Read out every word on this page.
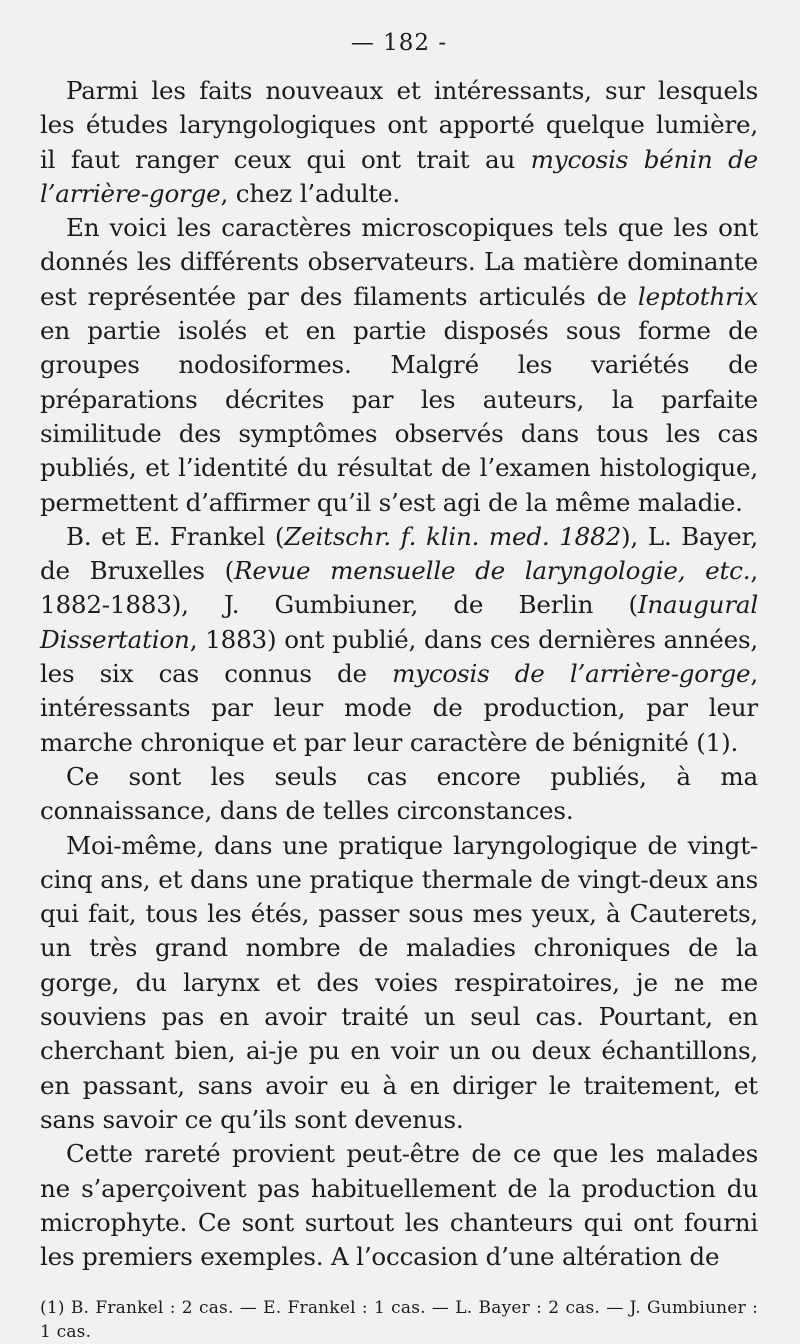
— 182 -

Parmi les faits nouveaux et intéressants, sur lesquels les études laryngologiques ont apporté quelque lumière, il faut ranger ceux qui ont trait au mycosis bénin de l’arrière-gorge, chez l’adulte.

En voici les caractères microscopiques tels que les ont donnés les différents observateurs. La matière dominante est représentée par des filaments articulés de leptothrix en partie isolés et en partie disposés sous forme de groupes nodosiformes. Malgré les variétés de préparations décrites par les auteurs, la parfaite similitude des symptômes observés dans tous les cas publiés, et l’identité du résultat de l’examen histologique, permettent d’affirmer qu’il s’est agi de la même maladie.

B. et E. Frankel (Zeitschr. f. klin. med. 1882), L. Bayer, de Bruxelles (Revue mensuelle de laryngologie, etc., 1882-1883), J. Gumbiuner, de Berlin (Inaugural Dissertation, 1883) ont publié, dans ces dernières années, les six cas connus de mycosis de l’arrière-gorge, intéressants par leur mode de production, par leur marche chronique et par leur caractère de bénignité (1).

Ce sont les seuls cas encore publiés, à ma connaissance, dans de telles circonstances.

Moi-même, dans une pratique laryngologique de vingt-cinq ans, et dans une pratique thermale de vingt-deux ans qui fait, tous les étés, passer sous mes yeux, à Cauterets, un très grand nombre de maladies chroniques de la gorge, du larynx et des voies respiratoires, je ne me souviens pas en avoir traité un seul cas. Pourtant, en cherchant bien, ai-je pu en voir un ou deux échantillons, en passant, sans avoir eu à en diriger le traitement, et sans savoir ce qu’ils sont devenus.

Cette rareté provient peut-être de ce que les malades ne s’aperçoivent pas habituellement de la production du microphyte. Ce sont surtout les chanteurs qui ont fourni les premiers exemples. A l’occasion d’une altération de

(1) B. Frankel : 2 cas. — E. Frankel : 1 cas. — L. Bayer : 2 cas. — J. Gumbiuner : 1 cas.
